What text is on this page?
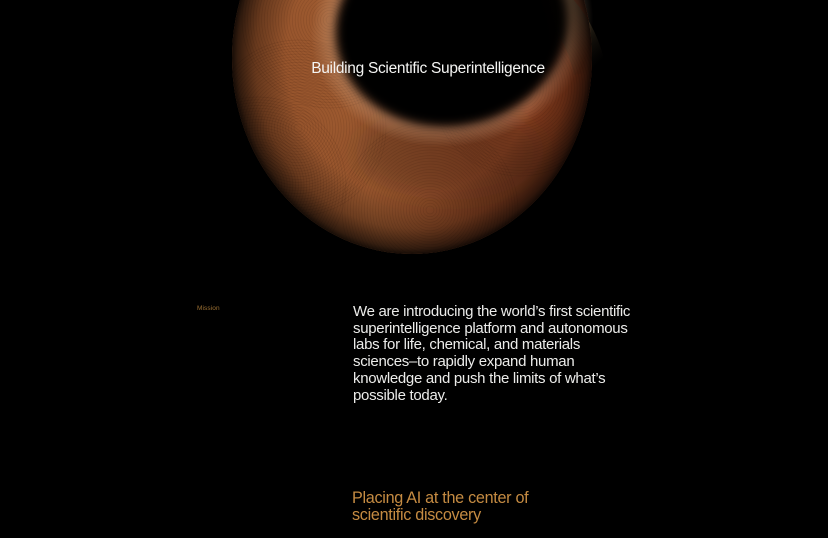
Building Scientific Superintelligence
Mission	We are introducing the world’s first scientific
superintelligence platform and autonomous
labs for life, chemical, and materials
sciences–to rapidly expand human
knowledge and push the limits of what’s
possible today.
Placing AI at the center of
scientific discovery
